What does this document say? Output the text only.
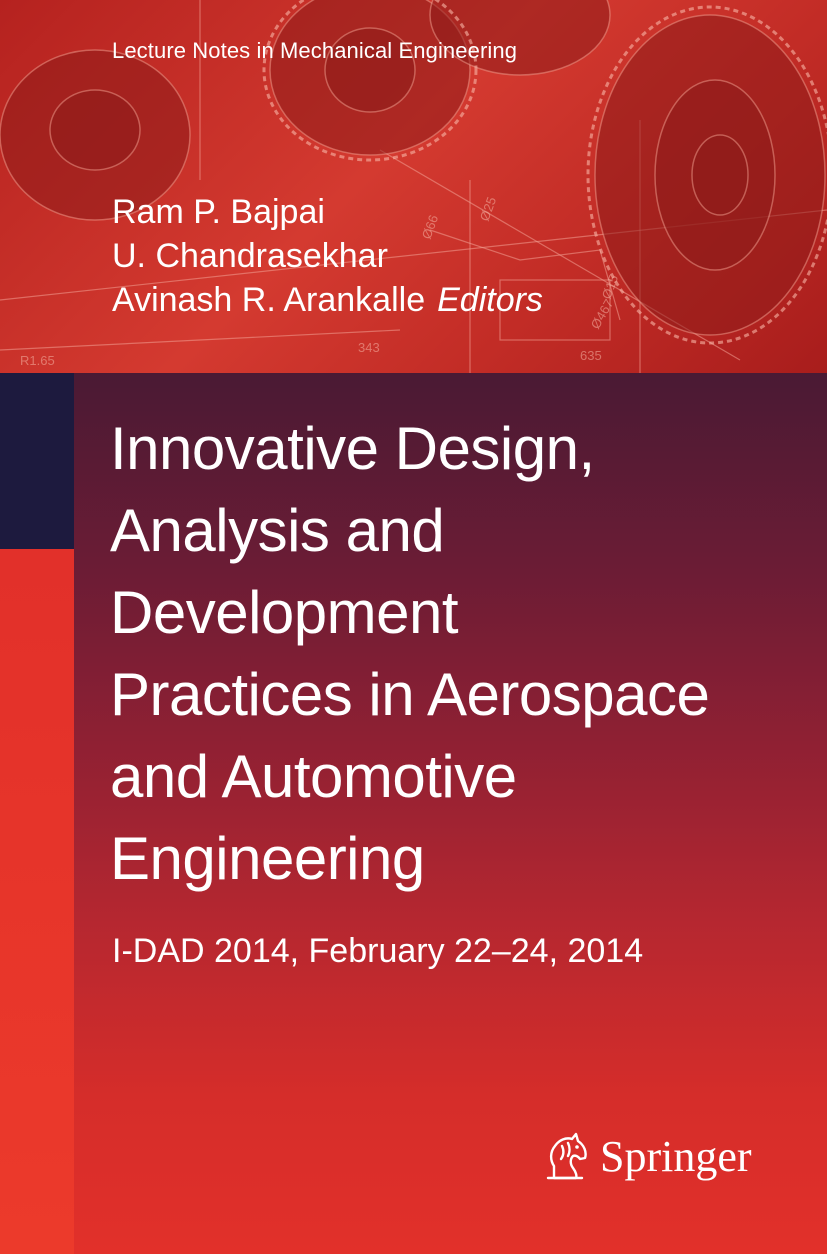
R1.65
Ø66
Ø25
343
Ø467
635
Ø15
Lecture Notes in Mechanical Engineering
Ram P. Bajpai
U. Chandrasekhar
Avinash R. Arankalle Editors
Innovative Design,
Analysis and
Development
Practices in Aerospace
and Automotive
Engineering
I-DAD 2014, February 22–24, 2014
Springer
